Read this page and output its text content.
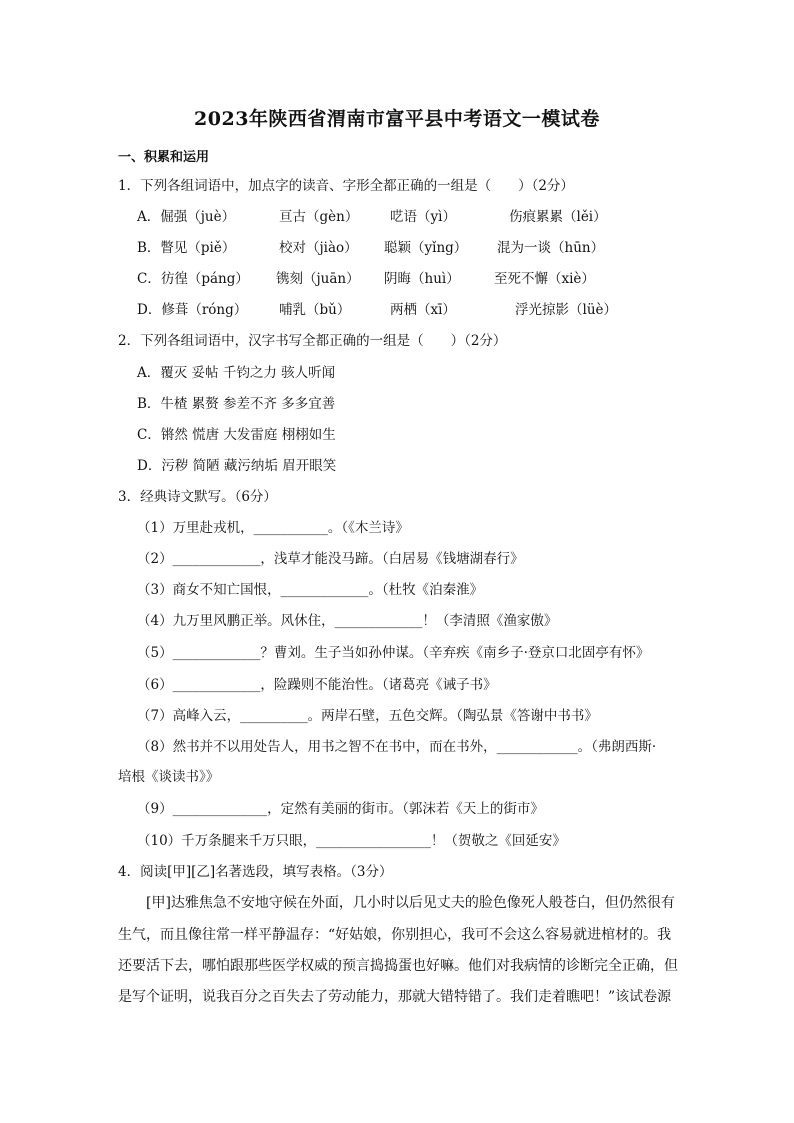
2023年陕西省渭南市富平县中考语文一模试卷
一、积累和运用
1．下列各组词语中，加点字的读音、字形全都正确的一组是（　　）（2分）
A．倔强（juè）	亘古（gèn） 呓语（yì）	伤痕累累（lěi）
B．瞥见（piě）	校对（jiào） 聪颖（yǐng） 混为一谈（hūn）
C．彷徨（páng） 镌刻（juān） 阴晦（huì）	至死不懈（xiè）
D．修葺（róng） 哺乳（bǔ）	两栖（xī）	浮光掠影（lüè）
2．下列各组词语中，汉字书写全都正确的一组是（　　）（2分）
A．覆灭 妥帖 千钧之力 骇人听闻
B．牛楂 累赘 参差不齐 多多宜善
C．锵然 慌唐 大发雷庭 栩栩如生
D．污秽 简陋 藏污纳垢 眉开眼笑
3．经典诗文默写。（6分）
（1）万里赴戎机，___________。（《木兰诗》
（2）_____________，浅草才能没马蹄。（白居易《钱塘湖春行》
（3）商女不知亡国恨，_____________。（杜牧《泊秦淮》
（4）九万里风鹏正举。风休住，_____________！（李清照《渔家傲》
（5）_____________？曹刘。生子当如孙仲谋。（辛弃疾《南乡子·登京口北固亭有怀》
（6）_____________，险躁则不能治性。（诸葛亮《诫子书》
（7）高峰入云，__________。两岸石壁，五色交辉。（陶弘景《答谢中书书》
（8）然书并不以用处告人，用书之智不在书中，而在书外，____________。（弗朗西斯·
培根《谈读书》》
（9）______________，定然有美丽的街市。（郭沫若《天上的街市》
（10）千万条腿来千万只眼，_________________！（贺敬之《回延安》
4．阅读[甲][乙]名著选段，填写表格。（3分）
　　[甲]达雅焦急不安地守候在外面，几小时以后见丈夫的脸色像死人般苍白，但仍然很有
生气，而且像往常一样平静温存：“好姑娘，你别担心，我可不会这么容易就进棺材的。我
还要活下去，哪怕跟那些医学权威的预言捣捣蛋也好嘛。他们对我病情的诊断完全正确，但
是写个证明，说我百分之百失去了劳动能力，那就大错特错了。我们走着瞧吧！”该试卷源
